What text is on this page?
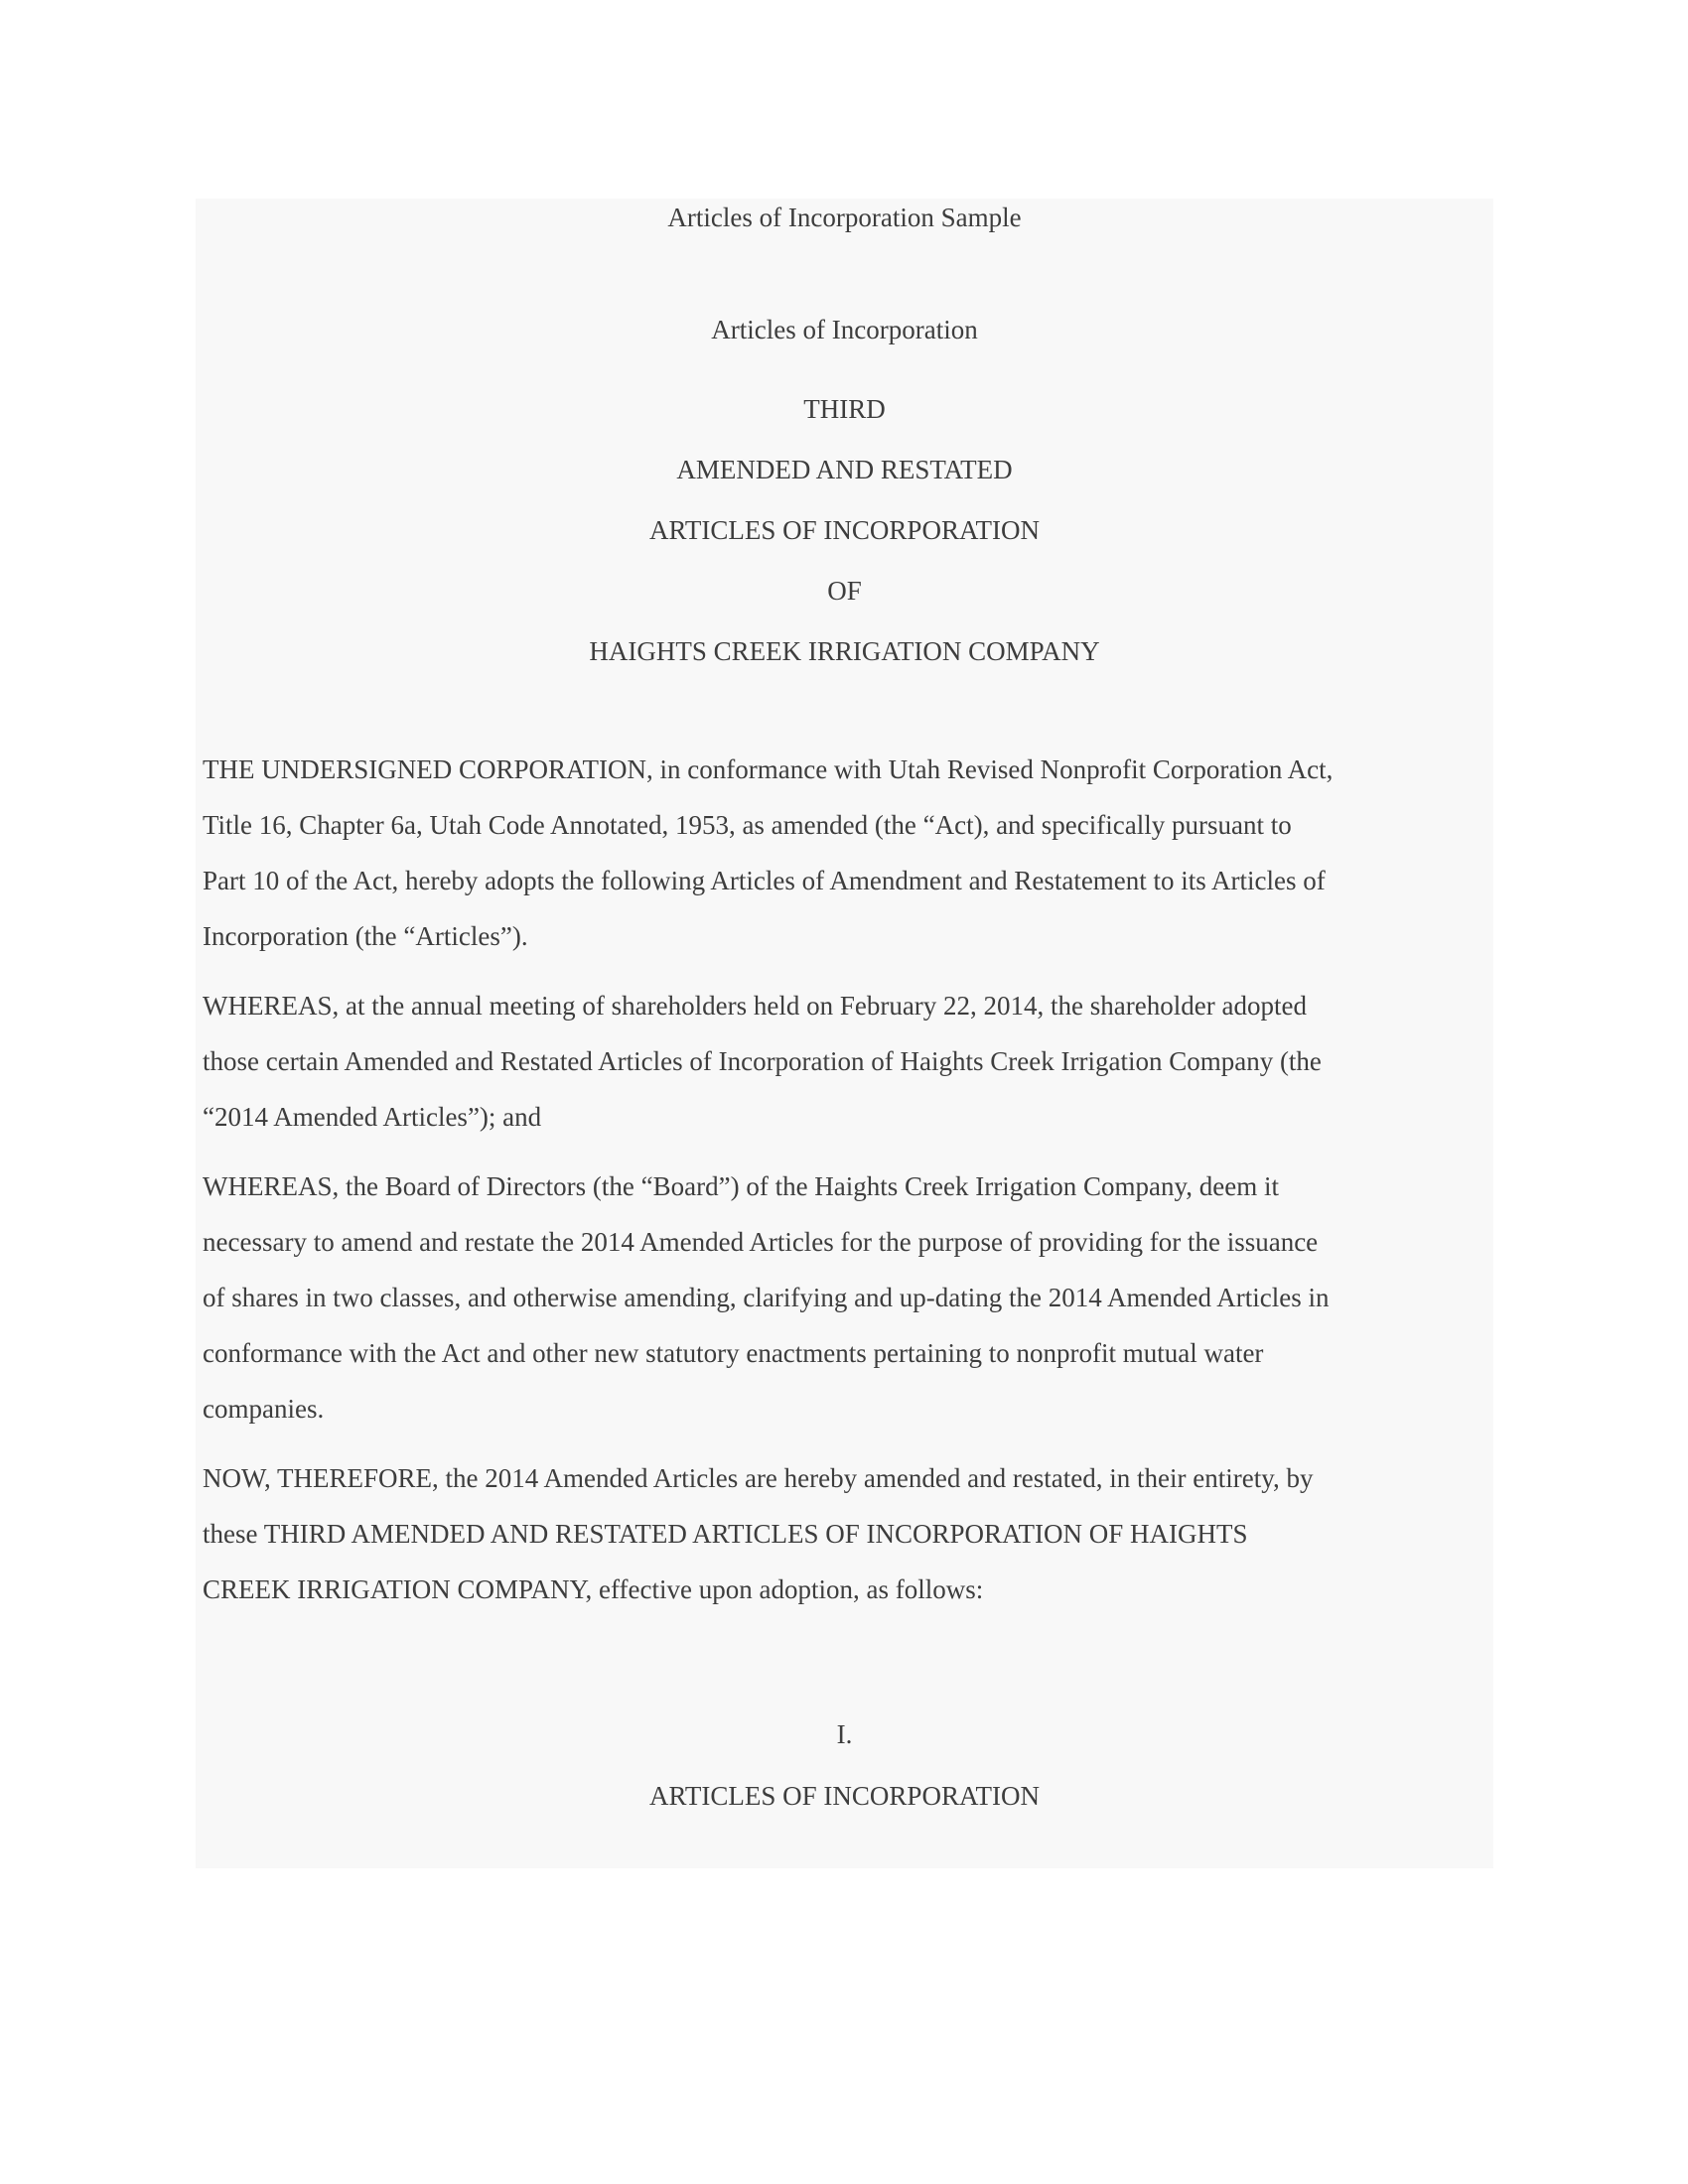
Articles of Incorporation Sample
Articles of Incorporation
THIRD
AMENDED AND RESTATED
ARTICLES OF INCORPORATION
OF
HAIGHTS CREEK IRRIGATION COMPANY
THE UNDERSIGNED CORPORATION, in conformance with Utah Revised Nonprofit Corporation Act,
Title 16, Chapter 6a, Utah Code Annotated, 1953, as amended (the “Act), and specifically pursuant to
Part 10 of the Act, hereby adopts the following Articles of Amendment and Restatement to its Articles of
Incorporation (the “Articles”).
WHEREAS, at the annual meeting of shareholders held on February 22, 2014, the shareholder adopted
those certain Amended and Restated Articles of Incorporation of Haights Creek Irrigation Company (the
“2014 Amended Articles”); and
WHEREAS, the Board of Directors (the “Board”) of the Haights Creek Irrigation Company, deem it
necessary to amend and restate the 2014 Amended Articles for the purpose of providing for the issuance
of shares in two classes, and otherwise amending, clarifying and up-dating the 2014 Amended Articles in
conformance with the Act and other new statutory enactments pertaining to nonprofit mutual water
companies.
NOW, THEREFORE, the 2014 Amended Articles are hereby amended and restated, in their entirety, by
these THIRD AMENDED AND RESTATED ARTICLES OF INCORPORATION OF HAIGHTS
CREEK IRRIGATION COMPANY, effective upon adoption, as follows:
I.
ARTICLES OF INCORPORATION
